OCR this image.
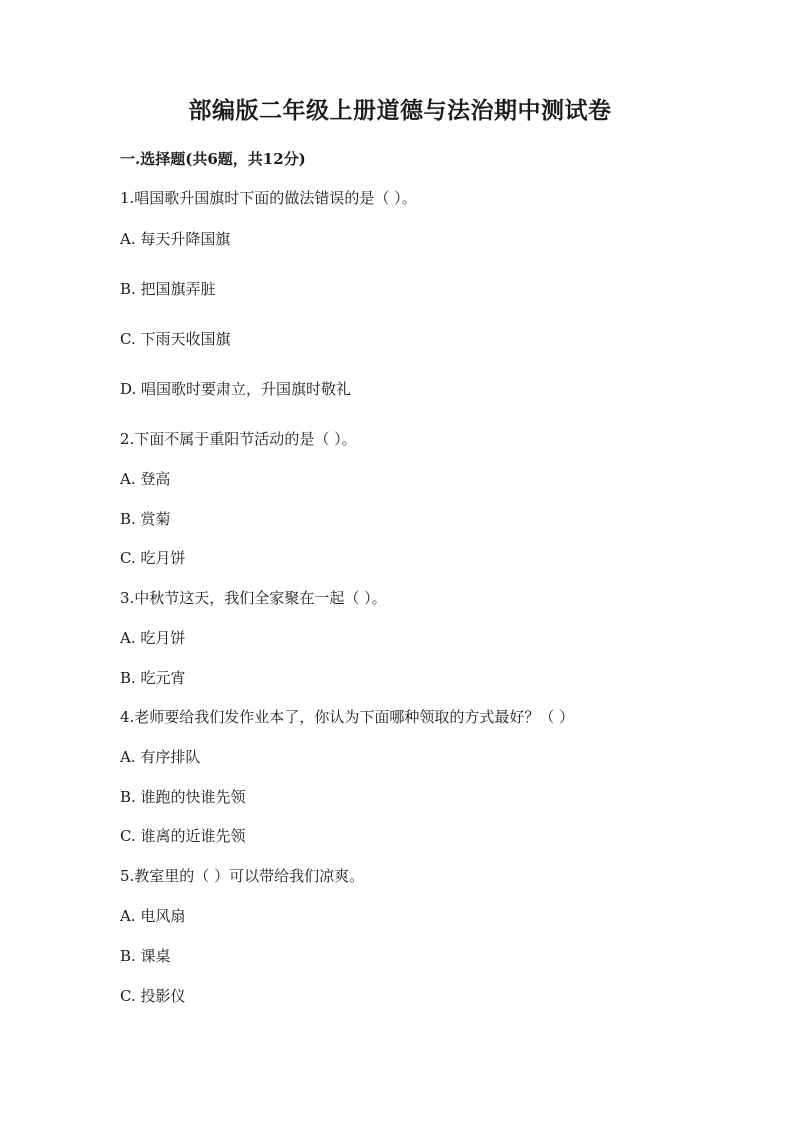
部编版二年级上册道德与法治期中测试卷
一.选择题(共6题，共12分)

1.唱国歌升国旗时下面的做法错误的是（ ）。

A. 每天升降国旗

B. 把国旗弄脏

C. 下雨天收国旗

D. 唱国歌时要肃立，升国旗时敬礼

2.下面不属于重阳节活动的是（ ）。

A. 登高

B. 赏菊

C. 吃月饼

3.中秋节这天，我们全家聚在一起（ ）。

A. 吃月饼

B. 吃元宵

4.老师要给我们发作业本了，你认为下面哪种领取的方式最好？（ ）

A. 有序排队

B. 谁跑的快谁先领

C. 谁离的近谁先领

5.教室里的（ ）可以带给我们凉爽。

A. 电风扇

B. 课桌

C. 投影仪
